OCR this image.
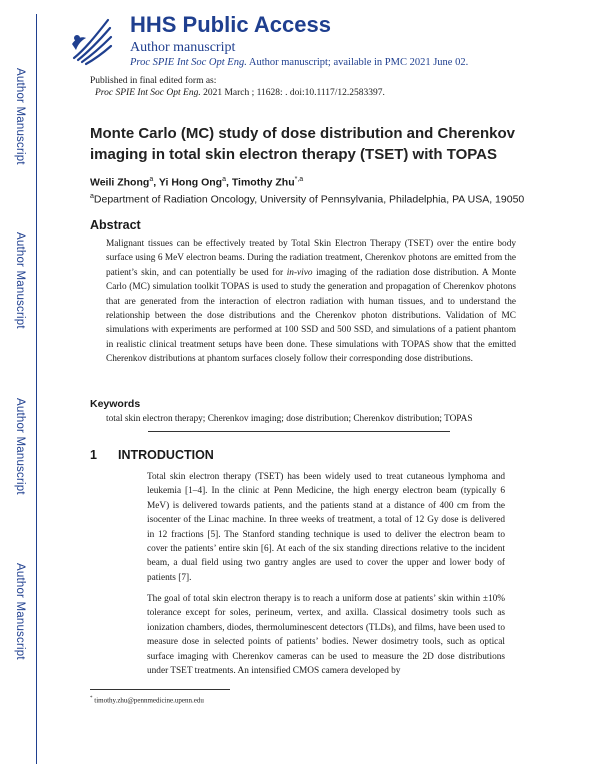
Author Manuscript
Author Manuscript
Author Manuscript
Author Manuscript
HHS Public Access
Author manuscript
Proc SPIE Int Soc Opt Eng. Author manuscript; available in PMC 2021 June 02.
Published in final edited form as:
Proc SPIE Int Soc Opt Eng. 2021 March ; 11628: . doi:10.1117/12.2583397.
Monte Carlo (MC) study of dose distribution and Cherenkov imaging in total skin electron therapy (TSET) with TOPAS
Weili Zhong$^a$, Yi Hong Ong$^a$, Timothy Zhu$^{*,a}$
$^a$Department of Radiation Oncology, University of Pennsylvania, Philadelphia, PA USA, 19050
Abstract
Malignant tissues can be effectively treated by Total Skin Electron Therapy (TSET) over the entire body surface using 6 MeV electron beams. During the radiation treatment, Cherenkov photons are emitted from the patient’s skin, and can potentially be used for in-vivo imaging of the radiation dose distribution. A Monte Carlo (MC) simulation toolkit TOPAS is used to study the generation and propagation of Cherenkov photons that are generated from the interaction of electron radiation with human tissues, and to understand the relationship between the dose distributions and the Cherenkov photon distributions. Validation of MC simulations with experiments are performed at 100 SSD and 500 SSD, and simulations of a patient phantom in realistic clinical treatment setups have been done. These simulations with TOPAS show that the emitted Cherenkov distributions at phantom surfaces closely follow their corresponding dose distributions.
Keywords
total skin electron therapy; Cherenkov imaging; dose distribution; Cherenkov distribution; TOPAS
1 INTRODUCTION
Total skin electron therapy (TSET) has been widely used to treat cutaneous lymphoma and leukemia [1–4]. In the clinic at Penn Medicine, the high energy electron beam (typically 6 MeV) is delivered towards patients, and the patients stand at a distance of 400 cm from the isocenter of the Linac machine. In three weeks of treatment, a total of 12 Gy dose is delivered in 12 fractions [5]. The Stanford standing technique is used to deliver the electron beam to cover the patients’ entire skin [6]. At each of the six standing directions relative to the incident beam, a dual field using two gantry angles are used to cover the upper and lower body of patients [7].
The goal of total skin electron therapy is to reach a uniform dose at patients’ skin within ±10% tolerance except for soles, perineum, vertex, and axilla. Classical dosimetry tools such as ionization chambers, diodes, thermoluminescent detectors (TLDs), and films, have been used to measure dose in selected points of patients’ bodies. Newer dosimetry tools, such as optical surface imaging with Cherenkov cameras can be used to measure the 2D dose distributions under TSET treatments. An intensified CMOS camera developed by
* timothy.zhu@pennmedicine.upenn.edu
